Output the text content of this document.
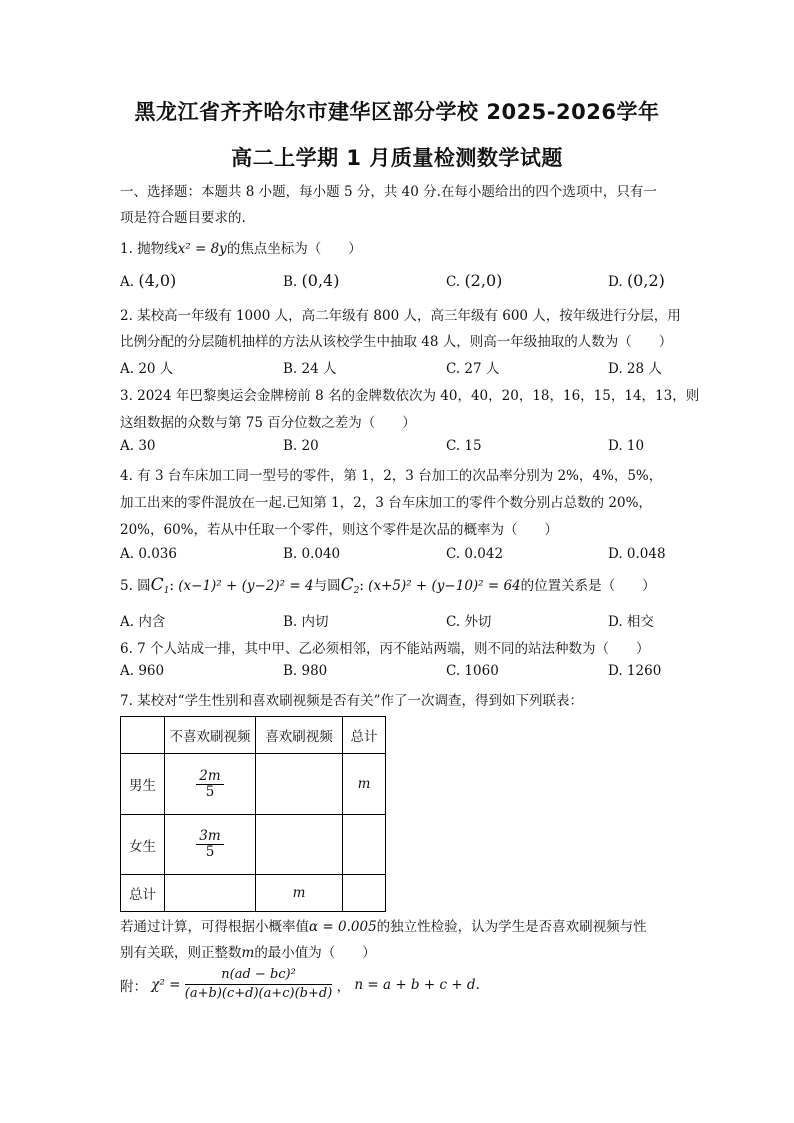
黑龙江省齐齐哈尔市建华区部分学校 2025-2026学年
高二上学期 1 月质量检测数学试题
一、选择题：本题共 8 小题，每小题 5 分，共 40 分.在每小题给出的四个选项中，只有一
项是符合题目要求的.
1. 抛物线x² = 8y的焦点坐标为（　　）
A. (4,0)	B. (0,4)	C. (2,0)	D. (0,2)
2. 某校高一年级有 1000 人，高二年级有 800 人，高三年级有 600 人，按年级进行分层，用
比例分配的分层随机抽样的方法从该校学生中抽取 48 人，则高一年级抽取的人数为（　　）
A. 20 人	B. 24 人	C. 27 人	D. 28 人
3. 2024 年巴黎奥运会金牌榜前 8 名的金牌数依次为 40，40，20，18，16，15，14，13，则
这组数据的众数与第 75 百分位数之差为（　　）
A. 30	B. 20	C. 15	D. 10
4. 有 3 台车床加工同一型号的零件，第 1，2，3 台加工的次品率分别为 2%，4%，5%，
加工出来的零件混放在一起.已知第 1，2，3 台车床加工的零件个数分别占总数的 20%，
20%，60%，若从中任取一个零件，则这个零件是次品的概率为（　　）
A. 0.036	B. 0.040	C. 0.042	D. 0.048
5. 圆$C_1$: (x−1)² + (y−2)² = 4与圆$C_2$: (x+5)² + (y−10)² = 64的位置关系是（　　）
A. 内含	B. 内切	C. 外切	D. 相交
6. 7 个人站成一排，其中甲、乙必须相邻，丙不能站两端，则不同的站法种数为（　　）
A. 960	B. 980	C. 1060	D. 1260
7. 某校对“学生性别和喜欢刷视频是否有关”作了一次调查，得到如下列联表：
	不喜欢刷视频	喜欢刷视频	总计
男生	$\frac{2m}{5}$		m
女生	$\frac{3m}{5}$

总计		m	
若通过计算，可得根据小概率值α = 0.005的独立性检验，认为学生是否喜欢刷视频与性
别有关联，则正整数m的最小值为（　　）
附： $\chi^2 = \frac{\text{n(ad − bc)²}}{(a+b)(c+d)(a+c)(b+d)}$ ， n = a + b + c + d.
